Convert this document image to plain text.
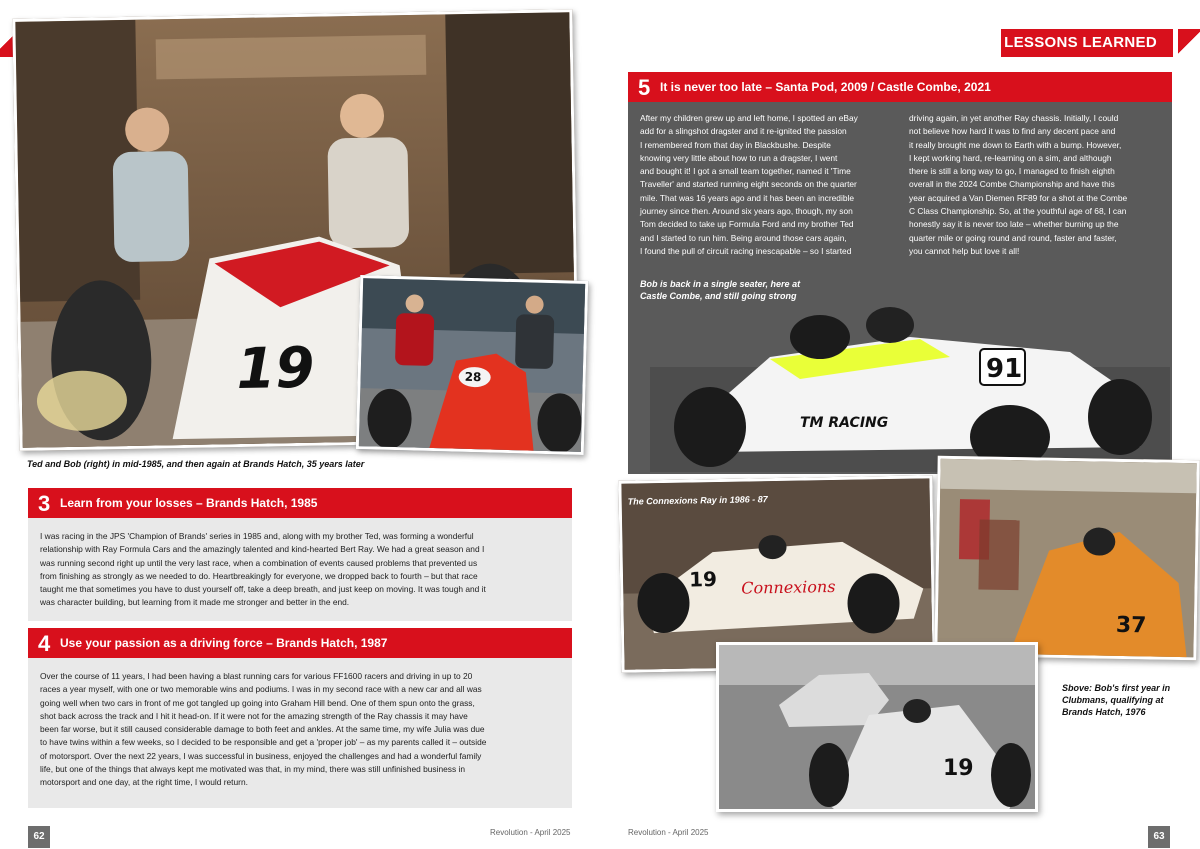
LESSONS LEARNED
19	28
Ted and Bob (right) in mid-1985, and then again at Brands Hatch, 35 years later
3 Learn from your losses – Brands Hatch, 1985
I was racing in the JPS 'Champion of Brands' series in 1985 and, along with my brother Ted, was forming a wonderful
relationship with Ray Formula Cars and the amazingly talented and kind-hearted Bert Ray. We had a great season and I
was running second right up until the very last race, when a combination of events caused problems that prevented us
from finishing as strongly as we needed to do. Heartbreakingly for everyone, we dropped back to fourth – but that race
taught me that sometimes you have to dust yourself off, take a deep breath, and just keep on moving. It was tough and it
was character building, but learning from it made me stronger and better in the end.
4 Use your passion as a driving force – Brands Hatch, 1987
Over the course of 11 years, I had been having a blast running cars for various FF1600 racers and driving in up to 20
races a year myself, with one or two memorable wins and podiums. I was in my second race with a new car and all was
going well when two cars in front of me got tangled up going into Graham Hill bend. One of them spun onto the grass,
shot back across the track and I hit it head-on. If it were not for the amazing strength of the Ray chassis it may have
been far worse, but it still caused considerable damage to both feet and ankles. At the same time, my wife Julia was due
to have twins within a few weeks, so I decided to be responsible and get a 'proper job' – as my parents called it – outside
of motorsport. Over the next 22 years, I was successful in business, enjoyed the challenges and had a wonderful family
life, but one of the things that always kept me motivated was that, in my mind, there was still unfinished business in
motorsport and one day, at the right time, I would return.
5 It is never too late – Santa Pod, 2009 / Castle Combe, 2021
After my children grew up and left home, I spotted an eBay
add for a slingshot dragster and it re-ignited the passion
I remembered from that day in Blackbushe. Despite
knowing very little about how to run a dragster, I went
and bought it! I got a small team together, named it 'Time
Traveller' and started running eight seconds on the quarter
mile. That was 16 years ago and it has been an incredible
journey since then. Around six years ago, though, my son
Tom decided to take up Formula Ford and my brother Ted
and I started to run him. Being around those cars again,
I found the pull of circuit racing inescapable – so I started
driving again, in yet another Ray chassis. Initially, I could
not believe how hard it was to find any decent pace and
it really brought me down to Earth with a bump. However,
I kept working hard, re-learning on a sim, and although
there is still a long way to go, I managed to finish eighth
overall in the 2024 Combe Championship and have this
year acquired a Van Diemen RF89 for a shot at the Combe
C Class Championship. So, at the youthful age of 68, I can
honestly say it is never too late – whether burning up the
quarter mile or going round and round, faster and faster,
you cannot help but love it all!
91
TM RACING
Bob is back in a single seater, here at Castle Combe, and still going strong
19 Connexions
The Connexions Ray in 1986 - 87
37
19
Sbove: Bob's first year in Clubmans, qualifying at Brands Hatch, 1976
62	Revolution - April 2025	Revolution - April 2025	63
